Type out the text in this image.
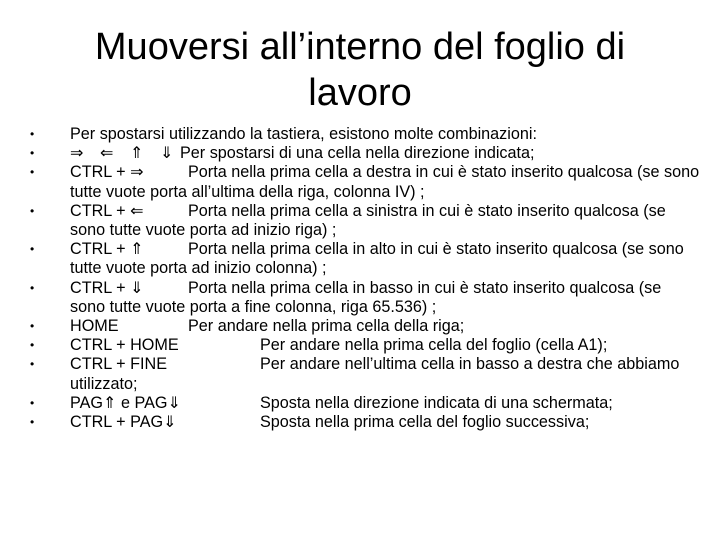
Muoversi all’interno del foglio di lavoro
• Per spostarsi utilizzando la tastiera, esistono molte combinazioni:
• ⇒ ⇐ ⇑ ⇓ Per spostarsi di una cella nella direzione indicata;
• CTRL + ⇒	Porta nella prima cella a destra in cui è stato inserito qualcosa (se sono tutte vuote porta all’ultima della riga, colonna IV) ;
• CTRL + ⇐	Porta nella prima cella a sinistra in cui è stato inserito qualcosa (se sono tutte vuote porta ad inizio riga) ;
• CTRL + ⇑	Porta nella prima cella in alto in cui è stato inserito qualcosa (se sono tutte vuote porta ad inizio colonna) ;
• CTRL + ⇓	Porta nella prima cella in basso in cui è stato inserito qualcosa (se sono tutte vuote porta a fine colonna, riga 65.536) ;
• HOME	Per andare nella prima cella della riga;
• CTRL + HOME	Per andare nella prima cella del foglio (cella A1);
• CTRL + FINE	Per andare nell’ultima cella in basso a destra che abbiamo utilizzato;
• PAG⇑ e PAG⇓	Sposta nella direzione indicata di una schermata;
• CTRL + PAG⇓	Sposta nella prima cella del foglio successiva;
